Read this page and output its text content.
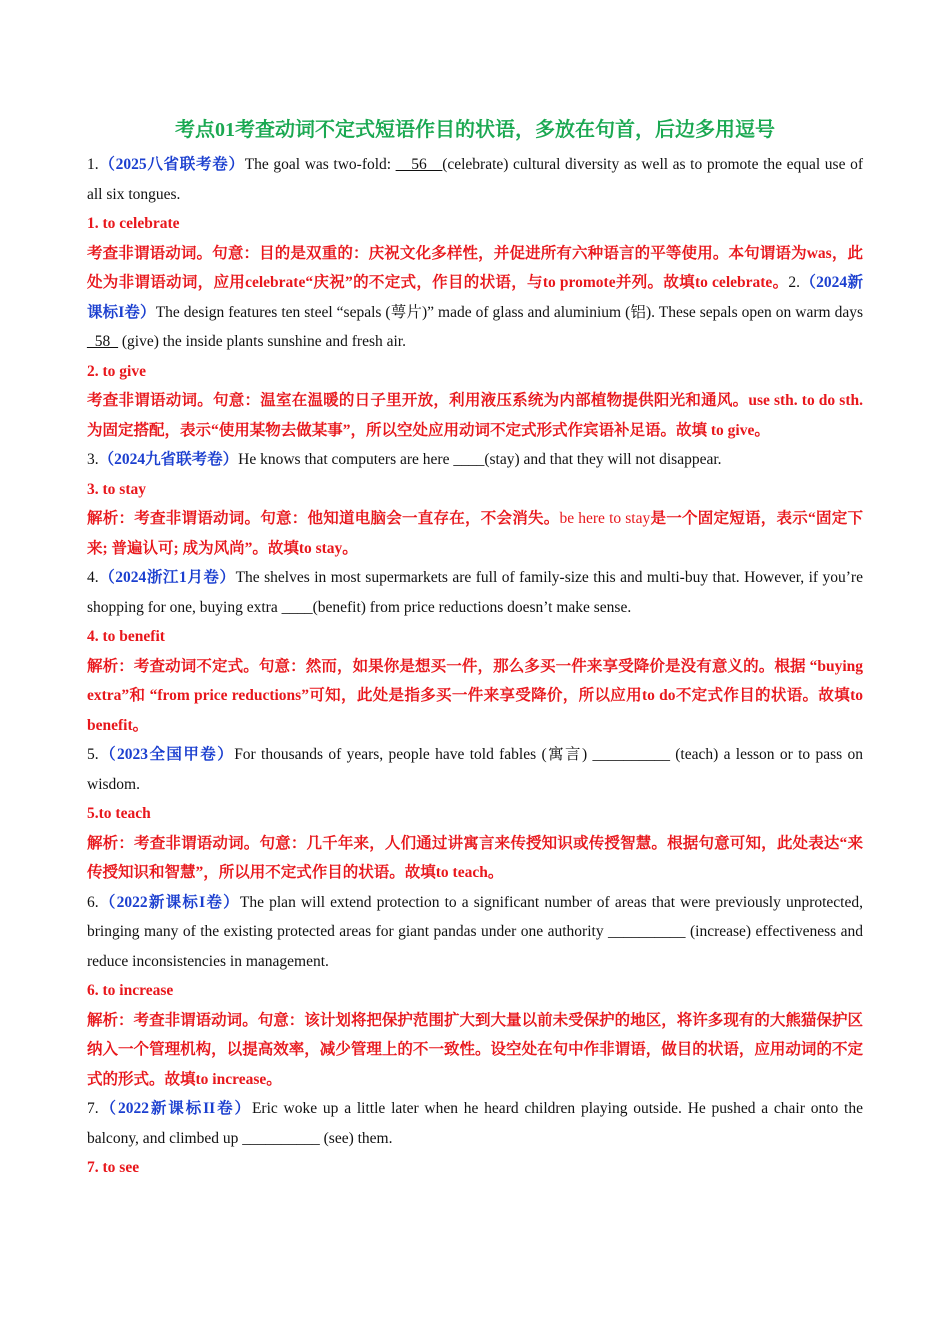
考点01考查动词不定式短语作目的状语，多放在句首，后边多用逗号

1.（2025八省联考卷）The goal was two-fold: __56__(celebrate) cultural diversity as well as to promote the equal use of all six tongues.

1. to celebrate

考查非谓语动词。句意：目的是双重的：庆祝文化多样性，并促进所有六种语言的平等使用。本句谓语为was，此处为非谓语动词，应用celebrate“庆祝”的不定式，作目的状语，与to promote并列。故填to celebrate。2.（2024新课标I卷）The design features ten steel “sepals (萼片)” made of glass and aluminium (铝). These sepals open on warm days _58_ (give) the inside plants sunshine and fresh air.

2. to give

考查非谓语动词。句意：温室在温暖的日子里开放，利用液压系统为内部植物提供阳光和通风。use sth. to do sth.为固定搭配，表示“使用某物去做某事”，所以空处应用动词不定式形式作宾语补足语。故填 to give。

3.（2024九省联考卷）He knows that computers are here ____(stay) and that they will not disappear.

3. to stay

解析：考查非谓语动词。句意：他知道电脑会一直存在，不会消失。be here to stay是一个固定短语，表示“固定下来; 普遍认可; 成为风尚”。故填to stay。

4.（2024浙江1月卷）The shelves in most supermarkets are full of family-size this and multi-buy that. However, if you’re shopping for one, buying extra ____(benefit) from price reductions doesn’t make sense.

4. to benefit

解析：考查动词不定式。句意：然而，如果你是想买一件，那么多买一件来享受降价是没有意义的。根据 “buying extra”和 “from price reductions”可知，此处是指多买一件来享受降价，所以应用to do不定式作目的状语。故填to benefit。

5.（2023全国甲卷）For thousands of years, people have told fables (寓言) __________ (teach) a lesson or to pass on wisdom.

5.to teach

解析：考查非谓语动词。句意：几千年来，人们通过讲寓言来传授知识或传授智慧。根据句意可知，此处表达“来传授知识和智慧”，所以用不定式作目的状语。故填to teach。

6.（2022新课标I卷）The plan will extend protection to a significant number of areas that were previously unprotected, bringing many of the existing protected areas for giant pandas under one authority __________ (increase) effectiveness and reduce inconsistencies in management.

6. to increase

解析：考查非谓语动词。句意：该计划将把保护范围扩大到大量以前未受保护的地区，将许多现有的大熊猫保护区纳入一个管理机构，以提高效率，减少管理上的不一致性。设空处在句中作非谓语，做目的状语，应用动词的不定式的形式。故填to increase。

7.（2022新课标II卷）Eric woke up a little later when he heard children playing outside. He pushed a chair onto the balcony, and climbed up __________ (see) them.

7. to see
